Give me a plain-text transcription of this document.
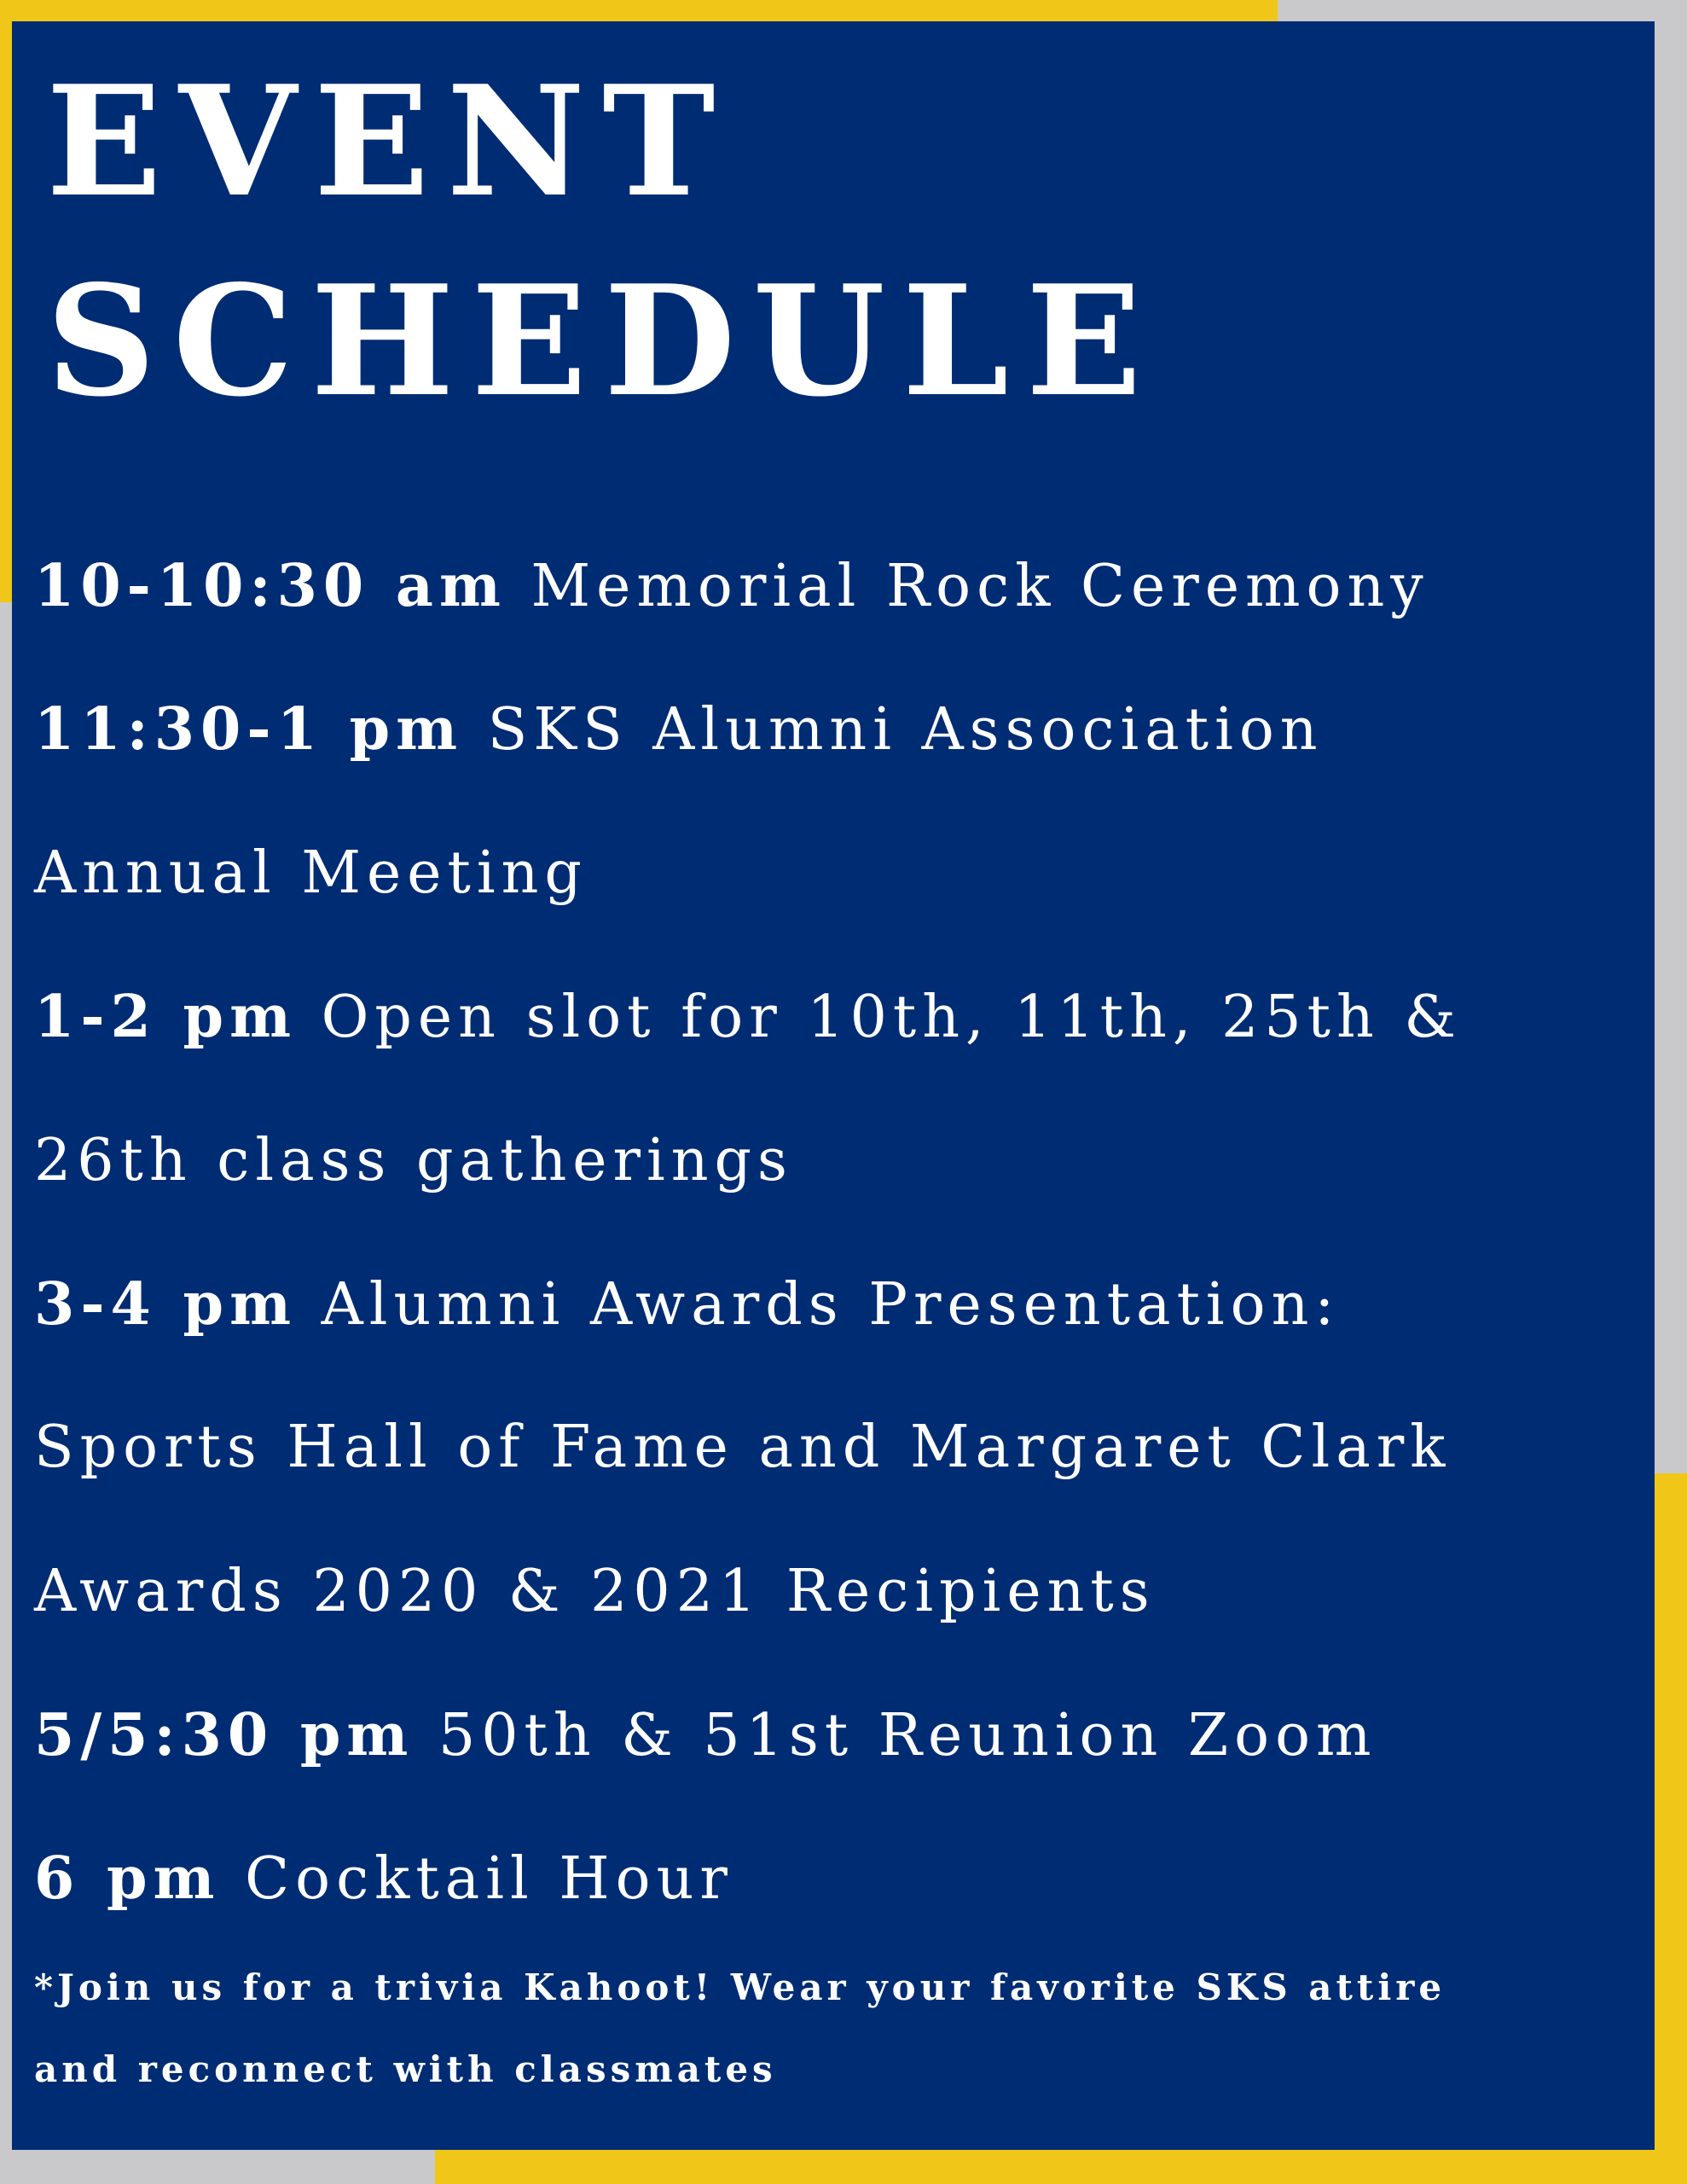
EVENT
SCHEDULE
10-10:30 am Memorial Rock Ceremony
11:30-1 pm SKS Alumni Association
Annual Meeting
1-2 pm Open slot for 10th, 11th, 25th &
26th class gatherings
3-4 pm Alumni Awards Presentation:
Sports Hall of Fame and Margaret Clark
Awards 2020 & 2021 Recipients
5/5:30 pm 50th & 51st Reunion Zoom
6 pm Cocktail Hour
*Join us for a trivia Kahoot! Wear your favorite SKS attire
and reconnect with classmates
